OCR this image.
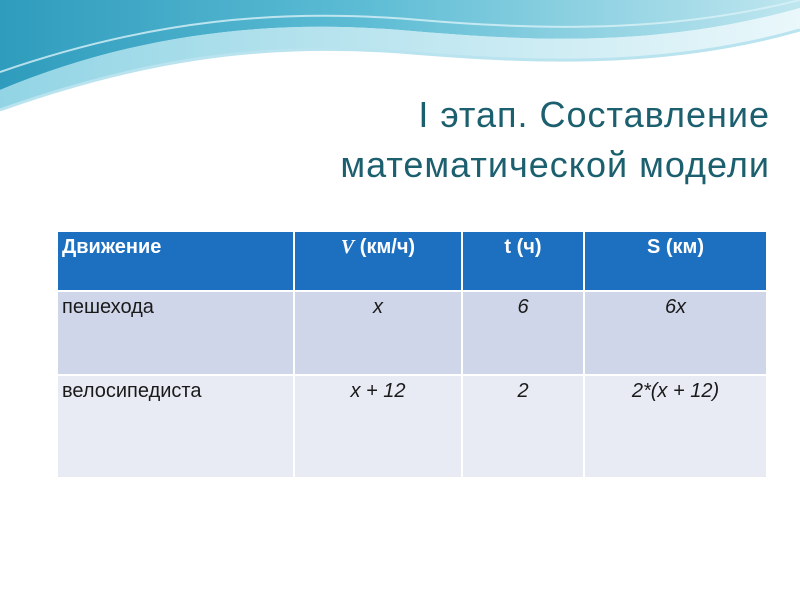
I этап. Составление
математической модели
Движение	V (км/ч)	t (ч)	S (км)
пешехода	x	6	6x
велосипедиста	x + 12	2	2*(x + 12)
